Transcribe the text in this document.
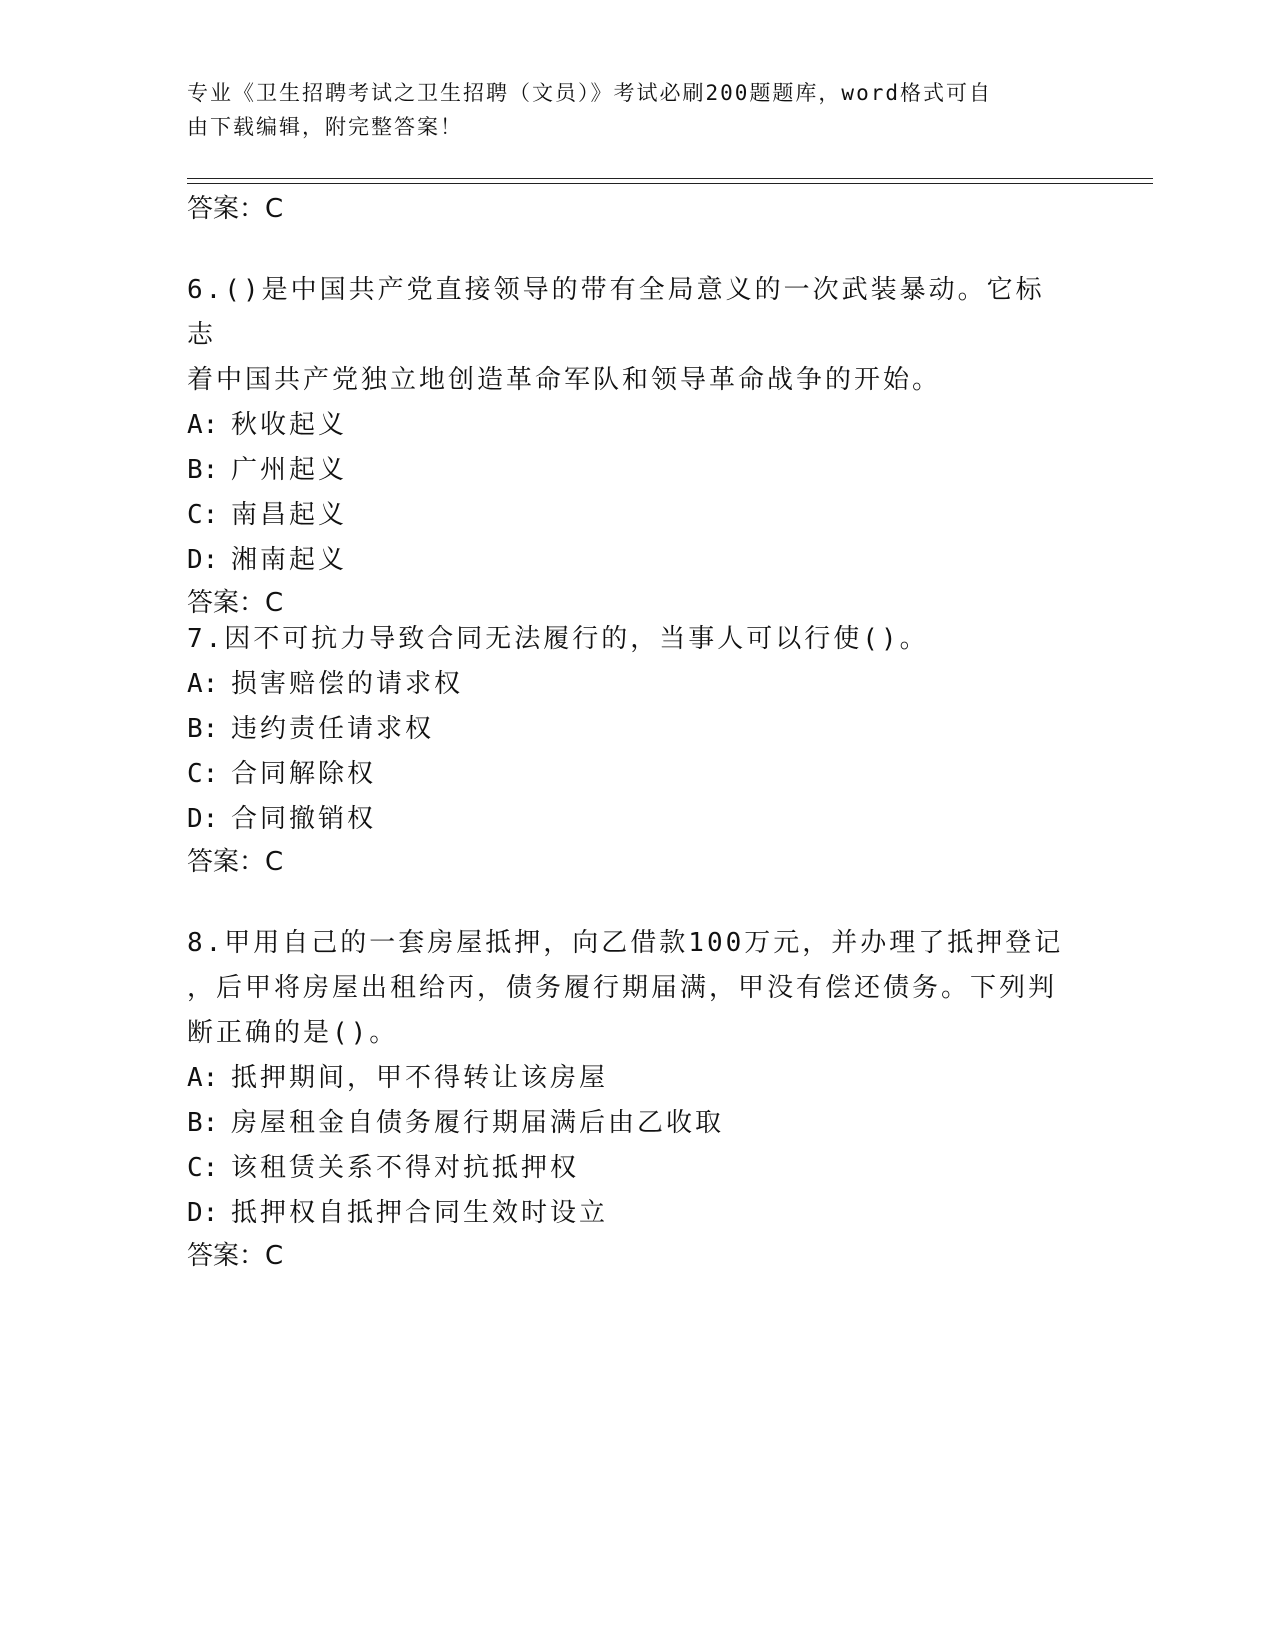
专业《卫生招聘考试之卫生招聘（文员）》考试必刷200题题库，word格式可自
由下载编辑，附完整答案！
答案：C
6.()是中国共产党直接领导的带有全局意义的一次武装暴动。它标志
着中国共产党独立地创造革命军队和领导革命战争的开始。
A: 秋收起义
B: 广州起义
C: 南昌起义
D: 湘南起义
答案：C
7.因不可抗力导致合同无法履行的，当事人可以行使()。
A: 损害赔偿的请求权
B: 违约责任请求权
C: 合同解除权
D: 合同撤销权
答案：C
8.甲用自己的一套房屋抵押，向乙借款100万元，并办理了抵押登记
，后甲将房屋出租给丙，债务履行期届满，甲没有偿还债务。下列判
断正确的是()。
A: 抵押期间，甲不得转让该房屋
B: 房屋租金自债务履行期届满后由乙收取
C: 该租赁关系不得对抗抵押权
D: 抵押权自抵押合同生效时设立
答案：C
